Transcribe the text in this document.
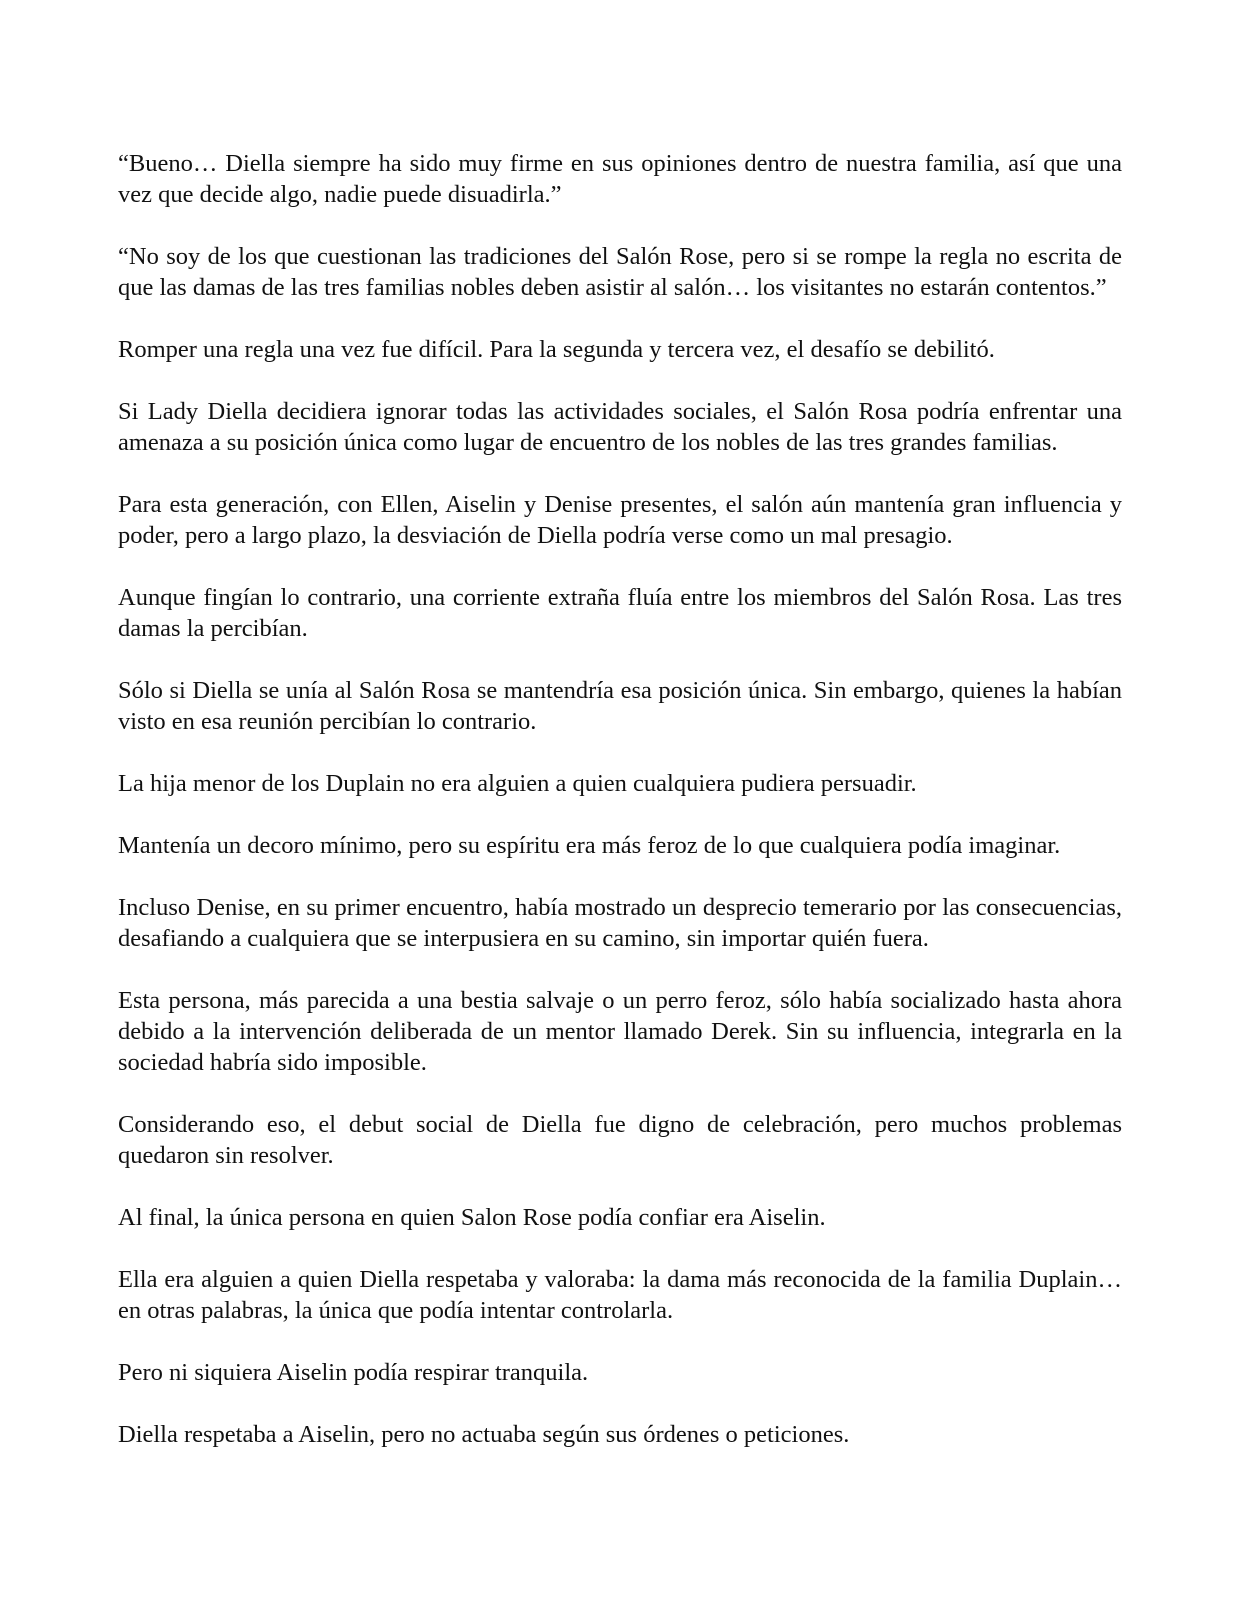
“Bueno… Diella siempre ha sido muy firme en sus opiniones dentro de nuestra familia, así que una vez que decide algo, nadie puede disuadirla.”

“No soy de los que cuestionan las tradiciones del Salón Rose, pero si se rompe la regla no escrita de que las damas de las tres familias nobles deben asistir al salón… los visitantes no estarán contentos.”

Romper una regla una vez fue difícil. Para la segunda y tercera vez, el desafío se debilitó.

Si Lady Diella decidiera ignorar todas las actividades sociales, el Salón Rosa podría enfrentar una amenaza a su posición única como lugar de encuentro de los nobles de las tres grandes familias.

Para esta generación, con Ellen, Aiselin y Denise presentes, el salón aún mantenía gran influencia y poder, pero a largo plazo, la desviación de Diella podría verse como un mal presagio.

Aunque fingían lo contrario, una corriente extraña fluía entre los miembros del Salón Rosa. Las tres damas la percibían.

Sólo si Diella se unía al Salón Rosa se mantendría esa posición única. Sin embargo, quienes la habían visto en esa reunión percibían lo contrario.

La hija menor de los Duplain no era alguien a quien cualquiera pudiera persuadir.

Mantenía un decoro mínimo, pero su espíritu era más feroz de lo que cualquiera podía imaginar.

Incluso Denise, en su primer encuentro, había mostrado un desprecio temerario por las consecuencias, desafiando a cualquiera que se interpusiera en su camino, sin importar quién fuera.

Esta persona, más parecida a una bestia salvaje o un perro feroz, sólo había socializado hasta ahora debido a la intervención deliberada de un mentor llamado Derek. Sin su influencia, integrarla en la sociedad habría sido imposible.

Considerando eso, el debut social de Diella fue digno de celebración, pero muchos problemas quedaron sin resolver.

Al final, la única persona en quien Salon Rose podía confiar era Aiselin.

Ella era alguien a quien Diella respetaba y valoraba: la dama más reconocida de la familia Duplain… en otras palabras, la única que podía intentar controlarla.

Pero ni siquiera Aiselin podía respirar tranquila.

Diella respetaba a Aiselin, pero no actuaba según sus órdenes o peticiones.
